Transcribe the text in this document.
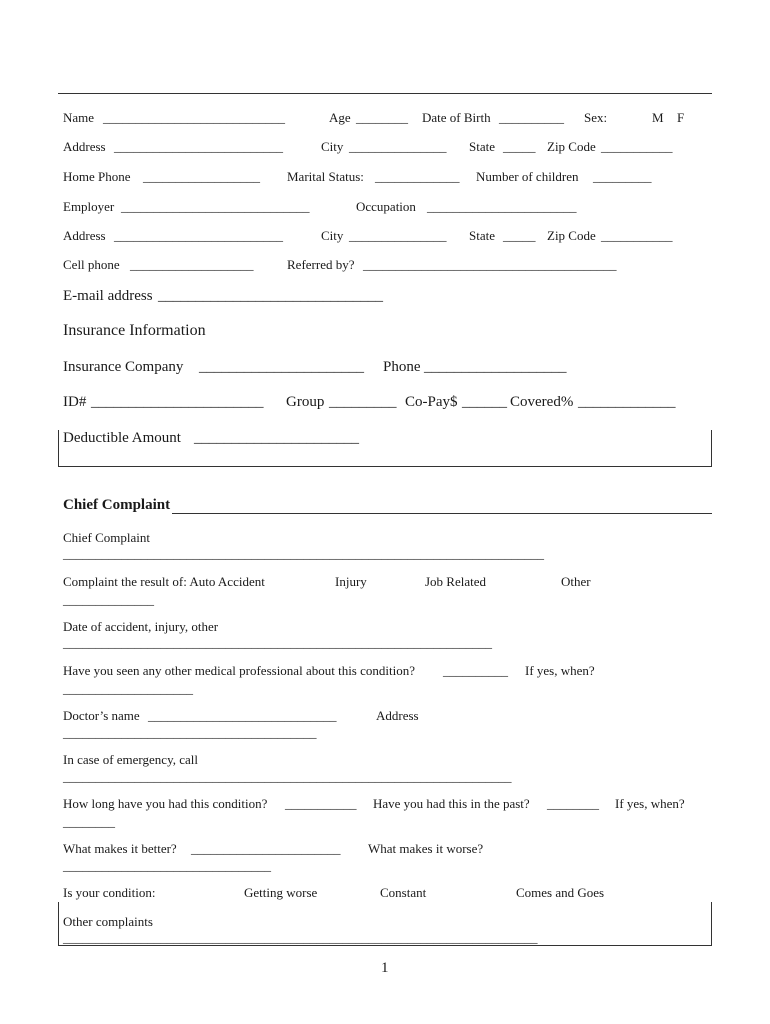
Name ____________________________	Age ________ Date of Birth __________ Sex:	M F
Address __________________________	City _______________ State _____ Zip Code ___________
Home Phone __________________ Marital Status: _____________ Number of children _________
Employer _____________________________	Occupation _______________________
Address __________________________	City _______________ State _____ Zip Code ___________
Cell phone ___________________	Referred by? _______________________________________
E-mail address ______________________________
Insurance Information
Insurance Company ______________________ Phone ___________________
ID# _______________________ Group _________ Co-Pay$ ______ Covered% _____________
Deductible Amount ______________________
Chief Complaint
Chief Complaint
__________________________________________________________________________
Complaint the result of: Auto Accident	Injury	Job Related	Other
______________
Date of accident, injury, other
__________________________________________________________________
Have you seen any other medical professional about this condition? __________ If yes, when?
____________________
Doctor’s name _____________________________	Address
_______________________________________
In case of emergency, call
_____________________________________________________________________
How long have you had this condition? ___________ Have you had this in the past? ________ If yes, when?
________
What makes it better? _______________________ What makes it worse?
________________________________
Is your condition:	Getting worse	Constant	Comes and Goes
Other complaints
_________________________________________________________________________
1
